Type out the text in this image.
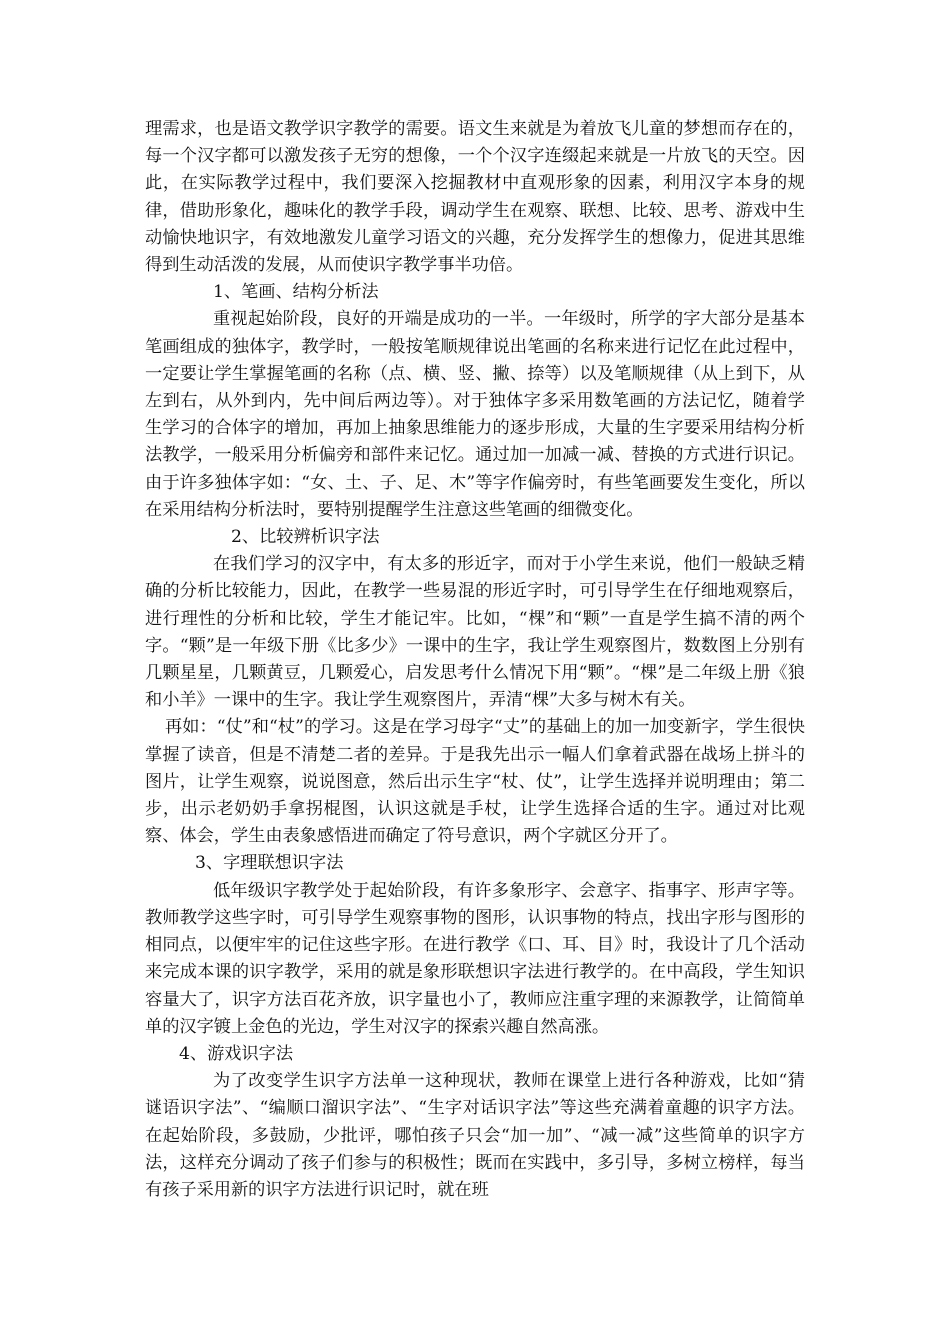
理需求，也是语文教学识字教学的需要。语文生来就是为着放飞儿童的梦想而存在的，每一个汉字都可以激发孩子无穷的想像，一个个汉字连缀起来就是一片放飞的天空。因此，在实际教学过程中，我们要深入挖掘教材中直观形象的因素，利用汉字本身的规律，借助形象化，趣味化的教学手段，调动学生在观察、联想、比较、思考、游戏中生动愉快地识字，有效地激发儿童学习语文的兴趣，充分发挥学生的想像力，促进其思维得到生动活泼的发展，从而使识字教学事半功倍。

1、笔画、结构分析法

重视起始阶段，良好的开端是成功的一半。一年级时，所学的字大部分是基本笔画组成的独体字，教学时，一般按笔顺规律说出笔画的名称来进行记忆在此过程中，一定要让学生掌握笔画的名称（点、横、竖、撇、捺等）以及笔顺规律（从上到下，从左到右，从外到内，先中间后两边等）。对于独体字多采用数笔画的方法记忆，随着学生学习的合体字的增加，再加上抽象思维能力的逐步形成，大量的生字要采用结构分析法教学，一般采用分析偏旁和部件来记忆。通过加一加减一减、替换的方式进行识记。由于许多独体字如：“女、土、子、足、木”等字作偏旁时，有些笔画要发生变化，所以在采用结构分析法时，要特别提醒学生注意这些笔画的细微变化。

2、比较辨析识字法

在我们学习的汉字中，有太多的形近字，而对于小学生来说，他们一般缺乏精确的分析比较能力，因此，在教学一些易混的形近字时，可引导学生在仔细地观察后，进行理性的分析和比较，学生才能记牢。比如，“棵”和“颗”一直是学生搞不清的两个字。“颗”是一年级下册《比多少》一课中的生字，我让学生观察图片，数数图上分别有几颗星星，几颗黄豆，几颗爱心，启发思考什么情况下用“颗”。“棵”是二年级上册《狼和小羊》一课中的生字。我让学生观察图片，弄清“棵”大多与树木有关。

再如：“仗”和“杖”的学习。这是在学习母字“丈”的基础上的加一加变新字，学生很快掌握了读音，但是不清楚二者的差异。于是我先出示一幅人们拿着武器在战场上拼斗的图片，让学生观察，说说图意，然后出示生字“杖、仗”，让学生选择并说明理由；第二步，出示老奶奶手拿拐棍图，认识这就是手杖，让学生选择合适的生字。通过对比观察、体会，学生由表象感悟进而确定了符号意识，两个字就区分开了。

3、字理联想识字法

低年级识字教学处于起始阶段，有许多象形字、会意字、指事字、形声字等。教师教学这些字时，可引导学生观察事物的图形，认识事物的特点，找出字形与图形的相同点，以便牢牢的记住这些字形。在进行教学《口、耳、目》时，我设计了几个活动来完成本课的识字教学，采用的就是象形联想识字法进行教学的。在中高段，学生知识容量大了，识字方法百花齐放，识字量也小了，教师应注重字理的来源教学，让简简单单的汉字镀上金色的光边，学生对汉字的探索兴趣自然高涨。

4、游戏识字法

为了改变学生识字方法单一这种现状，教师在课堂上进行各种游戏，比如“猜谜语识字法”、“编顺口溜识字法”、“生字对话识字法”等这些充满着童趣的识字方法。在起始阶段，多鼓励，少批评，哪怕孩子只会“加一加”、“减一减”这些简单的识字方法，这样充分调动了孩子们参与的积极性；既而在实践中，多引导，多树立榜样，每当有孩子采用新的识字方法进行识记时，就在班
